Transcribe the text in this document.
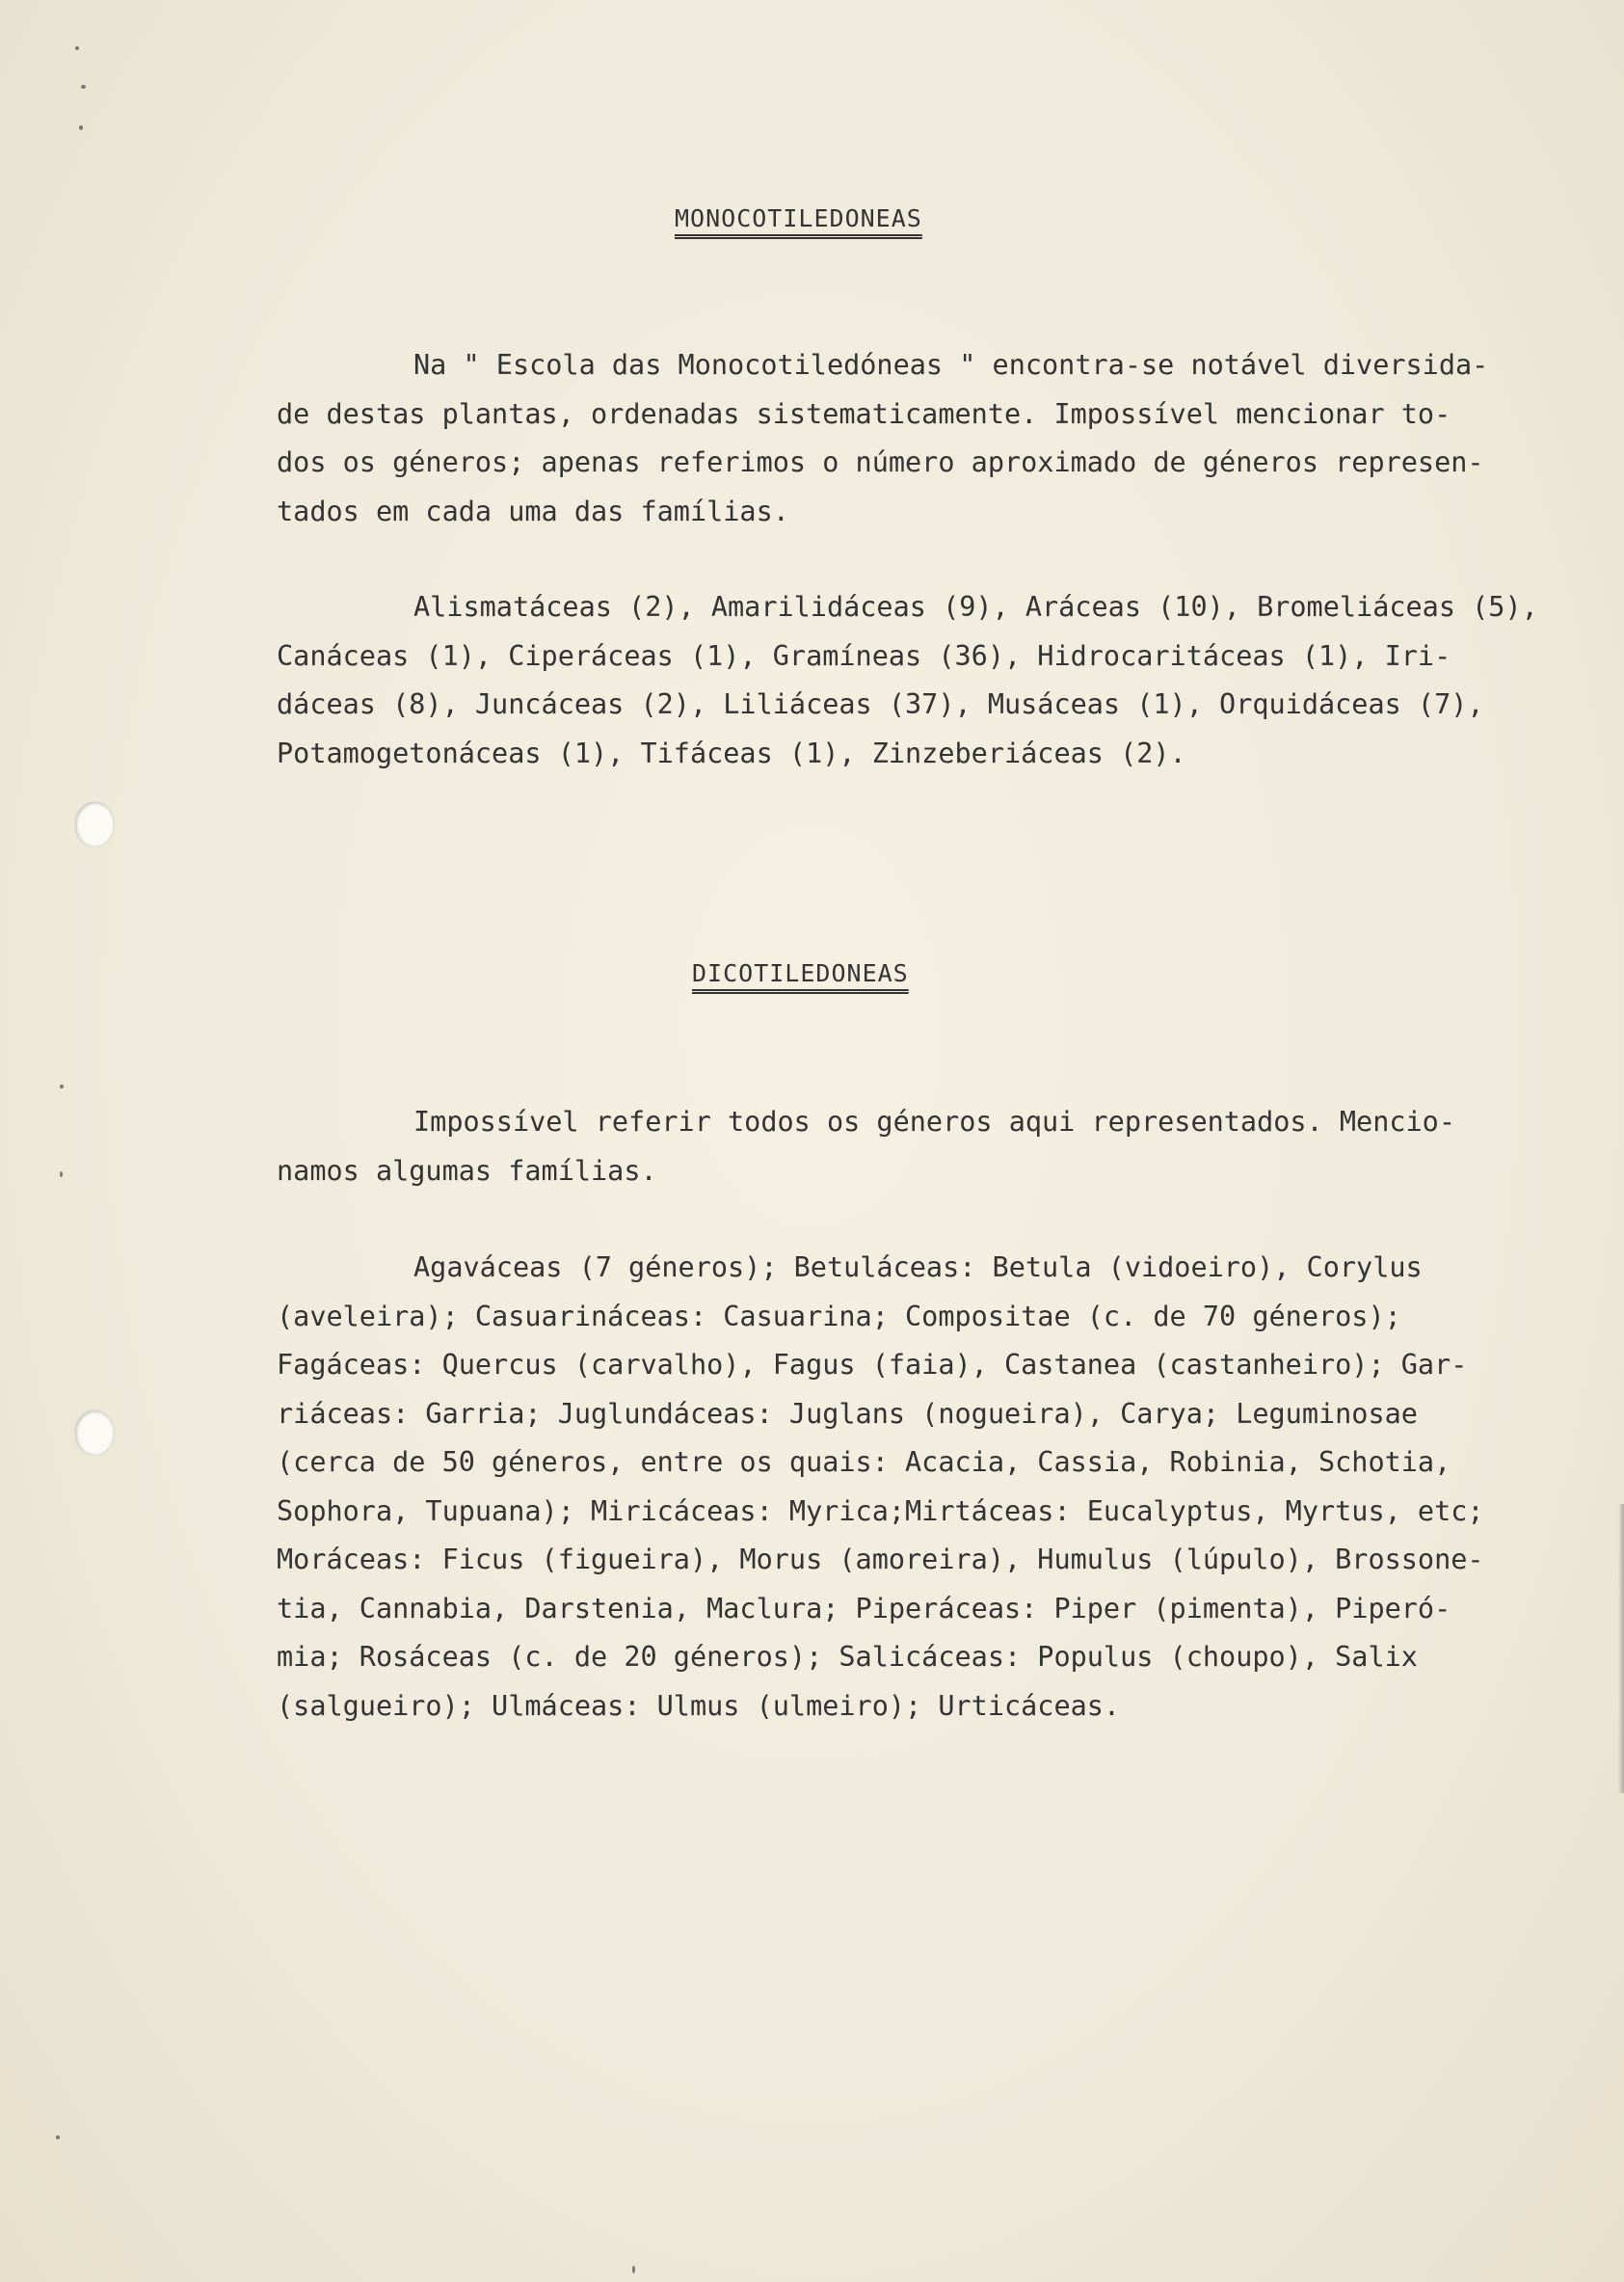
MONOCOTILEDONEAS
Na " Escola das Monocotiledóneas " encontra-se notável diversida-
de destas plantas, ordenadas sistematicamente. Impossível mencionar to-
dos os géneros; apenas referimos o número aproximado de géneros represen-
tados em cada uma das famílias.
Alismatáceas (2), Amarilidáceas (9), Aráceas (10), Bromeliáceas (5),
Canáceas (1), Ciperáceas (1), Gramíneas (36), Hidrocaritáceas (1), Iri-
dáceas (8), Juncáceas (2), Liliáceas (37), Musáceas (1), Orquidáceas (7),
Potamogetonáceas (1), Tifáceas (1), Zinzeberiáceas (2).
DICOTILEDONEAS
Impossível referir todos os géneros aqui representados. Mencio-
namos algumas famílias.
Agaváceas (7 géneros); Betuláceas: Betula (vidoeiro), Corylus
(aveleira); Casuarináceas: Casuarina; Compositae (c. de 70 géneros);
Fagáceas: Quercus (carvalho), Fagus (faia), Castanea (castanheiro); Gar-
riáceas: Garria; Juglundáceas: Juglans (nogueira), Carya; Leguminosae
(cerca de 50 géneros, entre os quais: Acacia, Cassia, Robinia, Schotia,
Sophora, Tupuana); Miricáceas: Myrica;Mirtáceas: Eucalyptus, Myrtus, etc;
Moráceas: Ficus (figueira), Morus (amoreira), Humulus (lúpulo), Brossone-
tia, Cannabia, Darstenia, Maclura; Piperáceas: Piper (pimenta), Piperó-
mia; Rosáceas (c. de 20 géneros); Salicáceas: Populus (choupo), Salix
(salgueiro); Ulmáceas: Ulmus (ulmeiro); Urticáceas.
